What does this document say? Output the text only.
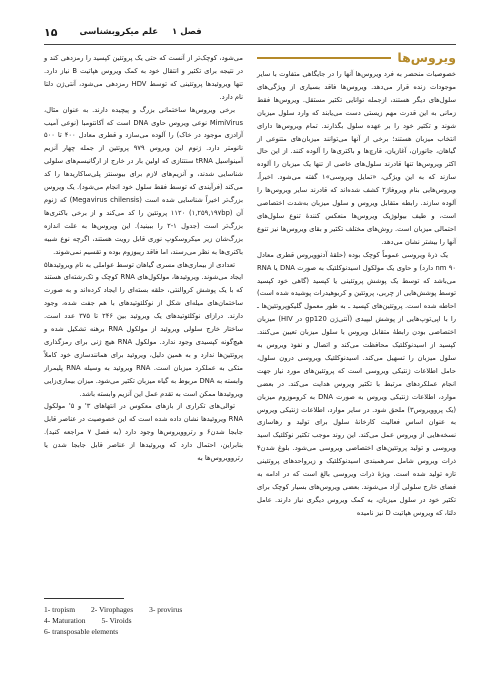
۱۵	فصل ۱
علم میکروبشناسی
ویروس‌ها

خصوصیات منحصر به فرد ویروس‌ها آنها را در جایگاهی متفاوت با سایر موجودات زنده قرار می‌دهد. ویروس‌ها فاقد بسیاری از ویژگی‌های سلول‌های دیگر هستند، ازجمله توانایی تکثیر مستقل. ویروس‌ها فقط زمانی به این قدرت مهم زیستی دست می‌یابند که وارد سلول میزبان شوند و تکثیر خود را بر عهده سلول بگذارند. تمام ویروس‌ها دارای انتخاب میزبان هستند؛ برخی از آنها می‌توانند میزبان‌های متنوعی از گیاهان، جانوران، آغازیان، قارچ‌ها و باکتری‌ها را آلوده کنند. از این حال اکثر ویروس‌ها تنها قادرند سلول‌های خاصی از تنها یک میزبان را آلوده سازند که به این ویژگی، «تمایل ویروسی»۱ گفته می‌شود. اخیراً، ویروس‌هایی بنام ویروفاژ۲ کشف شده‌اند که قادرند سایر ویروس‌ها را آلوده سازند. رابطه متقابل ویروس و سلول میزبان به‌شدت اختصاصی است، و طیف بیولوژیک ویروس‌ها منعکس کنندهٔ تنوع سلول‌های احتمالی میزبان است. روش‌های مختلف تکثیر و بقای ویروس‌ها نیز تنوع آنها را بیشتر نشان می‌دهد.

یک ذرهٔ ویروسی عموماً کوچک بوده (حلقهٔ آدنوویروس قطری معادل ۹۰ nm دارد) و حاوی یک مولکول اسیدنوکلئیک به صورت DNA یا RNA می‌باشد که توسط یک پوشش پروتئینی یا کپسید (گاهی خود کپسید توسط پوشش‌هایی از چربی، پروتئین و کربوهیدرات پوشیده شده است) احاطه شده است. پروتئین‌های کپسید ـ به طور معمول گلیکوپروتئین‌ها ـ را با اپی‌توپ‌هایی از پوشش لیپیدی (آنتی‌ژن gp120 در HIV) میزبان اختصاصی بودن رابطهٔ متقابل ویروس با سلول میزبان تعیین می‌کنند. کپسید از اسیدنوکلئیک محافظت می‌کند و اتصال و نفوذ ویروس به سلول میزبان را تسهیل می‌کند. اسیدنوکلئیک ویروسی درون سلول، حامل اطلاعات ژنتیکی ویروسی است که پروتئین‌های مورد نیاز جهت انجام عملکردهای مرتبط با تکثیر ویروس هدایت می‌کند. در بعضی موارد، اطلاعات ژنتیکی ویروس به صورت DNA به کروموزوم میزبان (یک پروویروس۳) ملحق شود. در سایر موارد، اطلاعات ژنتیکی ویروس به عنوان اساس فعالیت کارخانهٔ سلول برای تولید و رهاسازی نسخه‌هایی از ویروس عمل می‌کند. این روند موجب تکثیر نوکلئیک اسید ویروسی و تولید پروتئین‌های اختصاصی ویروسی می‌شود. بلوغ شدن۴ ذرات ویروس شامل سرهمبندی اسیدنوکلئیک و زیرواحدهای پروتئینی تازه تولید شده است. ویژهٔ ذرات ویروسی بالغ است که در ادامه به فضای خارج سلولی آزاد می‌شوند. بعضی ویروس‌های بسیار کوچک برای تکثیر خود در سلول میزبان، به کمک ویروس دیگری نیاز دارند. عامل دلتا، که ویروس هپاتیت D نیز نامیده

می‌شود، کوچک‌تر از آنست که حتی یک پروتئین کپسید را رمزدهی کند و در نتیجه برای تکثیر و انتقال خود به کمک ویروس هپاتیت B نیاز دارد. تنها ویروئیدها پروتئینی که توسط HDV رمزدهی می‌شود، آنتی‌ژن دلتا نام دارد.

برخی ویروس‌ها ساختمانی بزرگ و پیچیده دارند. به عنوان مثال، MimiVirus نوعی ویروس حاوی DNA است که آکانتومبا (نوعی آمیب آزادزی موجود در خاک) را آلوده می‌سازد و قطری معادل ۴۰۰ تا ۵۰۰ نانومتر دارد. ژنوم این ویروس ۹۷۹ پروتئین از جمله چهار آنزیم آمینواسیل tRNA سنتتازی که اولین بار در خارج از ارگانیسم‌های سلولی شناسایی شدند، و آنزیم‌های لازم برای بیوسنتز پلی‌ساکاریدها را کد می‌کند (فرآیندی که توسط فقط سلول خود انجام می‌شود). یک ویروس بزرگ‌تر اخیراً شناسایی شده است (Megavirus chilensis) که ژنوم آن (۱,۲۵۹,۱۹۷bp) ۱۱۲۰ پروتئین را کد می‌کند و از برخی باکتری‌ها بزرگ‌تر است (جدول ۱-۲ را ببینید). این ویروس‌ها به علت اندازه بزرگ‌شان زیر میکروسکوپ نوری قابل رویت هستند، اگرچه نوع شبیه باکتری‌ها به نظر می‌رسند، اما فاقد ریبوزوم بوده و تقسیم نمی‌شوند.

تعدادی از بیماری‌های مسری گیاهان توسط عواملی به نام ویروئیدها۵ ایجاد می‌شوند. ویروئیدها، مولکول‌های RNA کوچک و تک‌رشته‌ای هستند که با یک پوشش کروالنتی، حلقه بسته‌ای را ایجاد کرده‌اند و به صورت ساختمان‌های میله‌ای شکل از نوکلئوتیدهای با هم جفت شده، وجود دارند. درازای نوکلئوتیدهای یک ویروئید بین ۲۴۶ تا ۳۷۵ عدد است. ساختار خارج سلولی ویروئید از مولکول RNA برهنه تشکیل شده و هیچ‌گونه کپسیدی وجود ندارد. مولکول RNA هیچ ژنی برای رمزگذاری پروتئین‌ها ندارد و به همین دلیل، ویروئید برای همانندسازی خود کاملاً متکی به عملکرد میزبان است. RNA ویروئید به وسیله RNA پلیمراز وابسته به DNA مربوط به گیاه میزبان تکثیر می‌شود. میزان بیماری‌زایی ویروئیدها ممکن است به تقدم عمل این آنزیم وابسته باشد.

توالی‌های تکراری از بازهای معکوس در انتهاهای ۳' و ۵' مولکول RNA ویروئیدها نشان داده شده است که این خصوصیت در عناصر قابل جابجا شدن۶ و رتروویروس‌ها وجود دارد (به فصل ۷ مراجعه کنید). بنابراین، احتمال دارد که ویروئیدها از عناصر قابل جابجا شدن یا رتروویروس‌ها به

1- tropism 2- Virophages 3- provirus
4- Maturation 5- Viroids
6- transposable elements
